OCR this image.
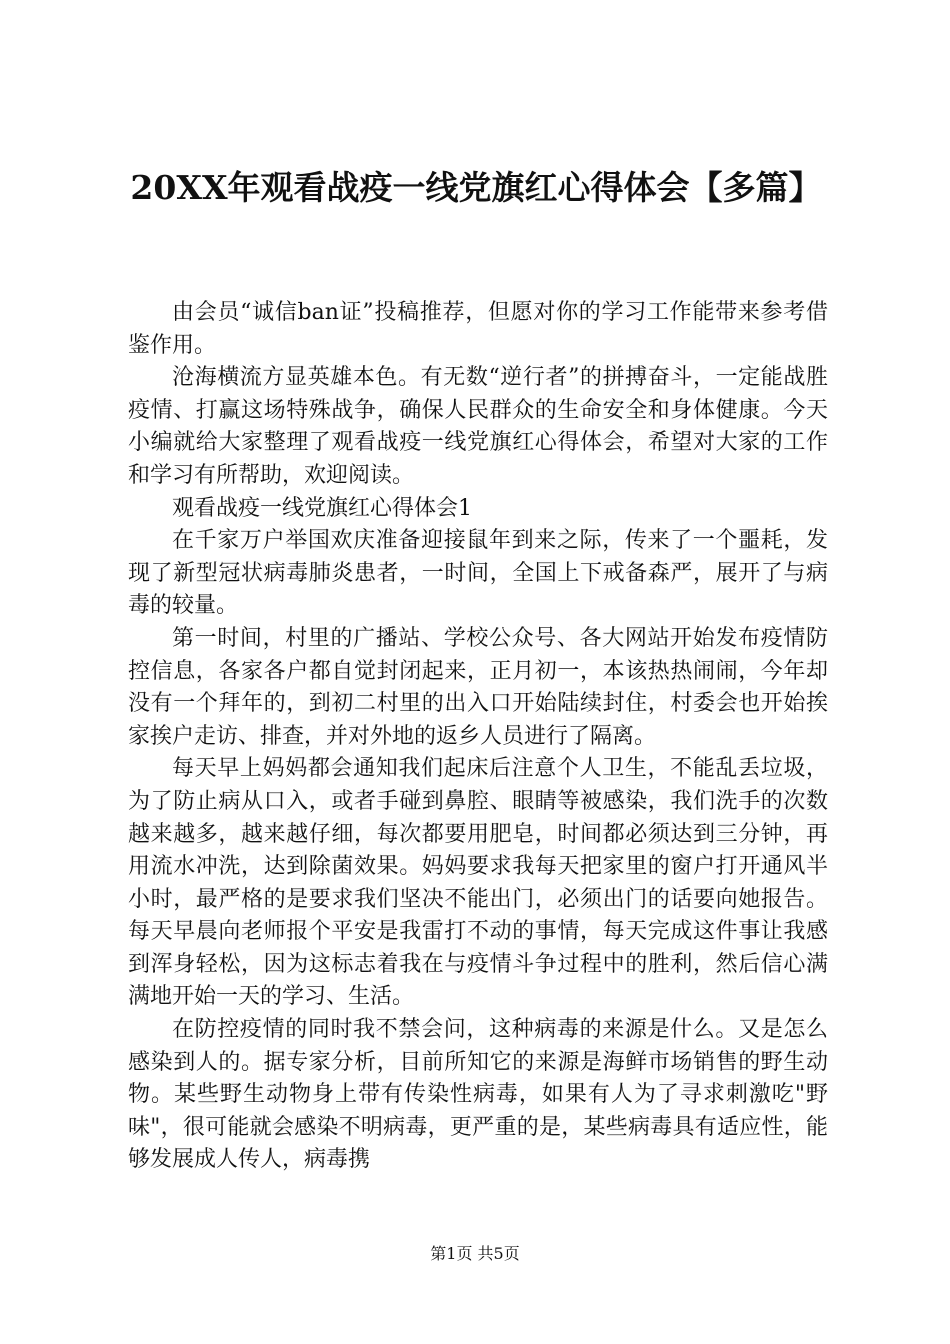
20XX年观看战疫一线党旗红心得体会【多篇】

由会员“诚信ban证”投稿推荐，但愿对你的学习工作能带来参考借鉴作用。

沧海横流方显英雄本色。有无数“逆行者”的拼搏奋斗，一定能战胜疫情、打赢这场特殊战争，确保人民群众的生命安全和身体健康。今天小编就给大家整理了观看战疫一线党旗红心得体会，希望对大家的工作和学习有所帮助，欢迎阅读。

观看战疫一线党旗红心得体会1

在千家万户举国欢庆准备迎接鼠年到来之际，传来了一个噩耗，发现了新型冠状病毒肺炎患者，一时间，全国上下戒备森严，展开了与病毒的较量。

第一时间，村里的广播站、学校公众号、各大网站开始发布疫情防控信息，各家各户都自觉封闭起来，正月初一，本该热热闹闹，今年却没有一个拜年的，到初二村里的出入口开始陆续封住，村委会也开始挨家挨户走访、排查，并对外地的返乡人员进行了隔离。

每天早上妈妈都会通知我们起床后注意个人卫生，不能乱丢垃圾，为了防止病从口入，或者手碰到鼻腔、眼睛等被感染，我们洗手的次数越来越多，越来越仔细，每次都要用肥皂，时间都必须达到三分钟，再用流水冲洗，达到除菌效果。妈妈要求我每天把家里的窗户打开通风半小时，最严格的是要求我们坚决不能出门，必须出门的话要向她报告。每天早晨向老师报个平安是我雷打不动的事情，每天完成这件事让我感到浑身轻松，因为这标志着我在与疫情斗争过程中的胜利，然后信心满满地开始一天的学习、生活。

在防控疫情的同时我不禁会问，这种病毒的来源是什么。又是怎么感染到人的。据专家分析，目前所知它的来源是海鲜市场销售的野生动物。某些野生动物身上带有传染性病毒，如果有人为了寻求刺激吃"野味"，很可能就会感染不明病毒，更严重的是，某些病毒具有适应性，能够发展成人传人，病毒携

第1页 共5页
